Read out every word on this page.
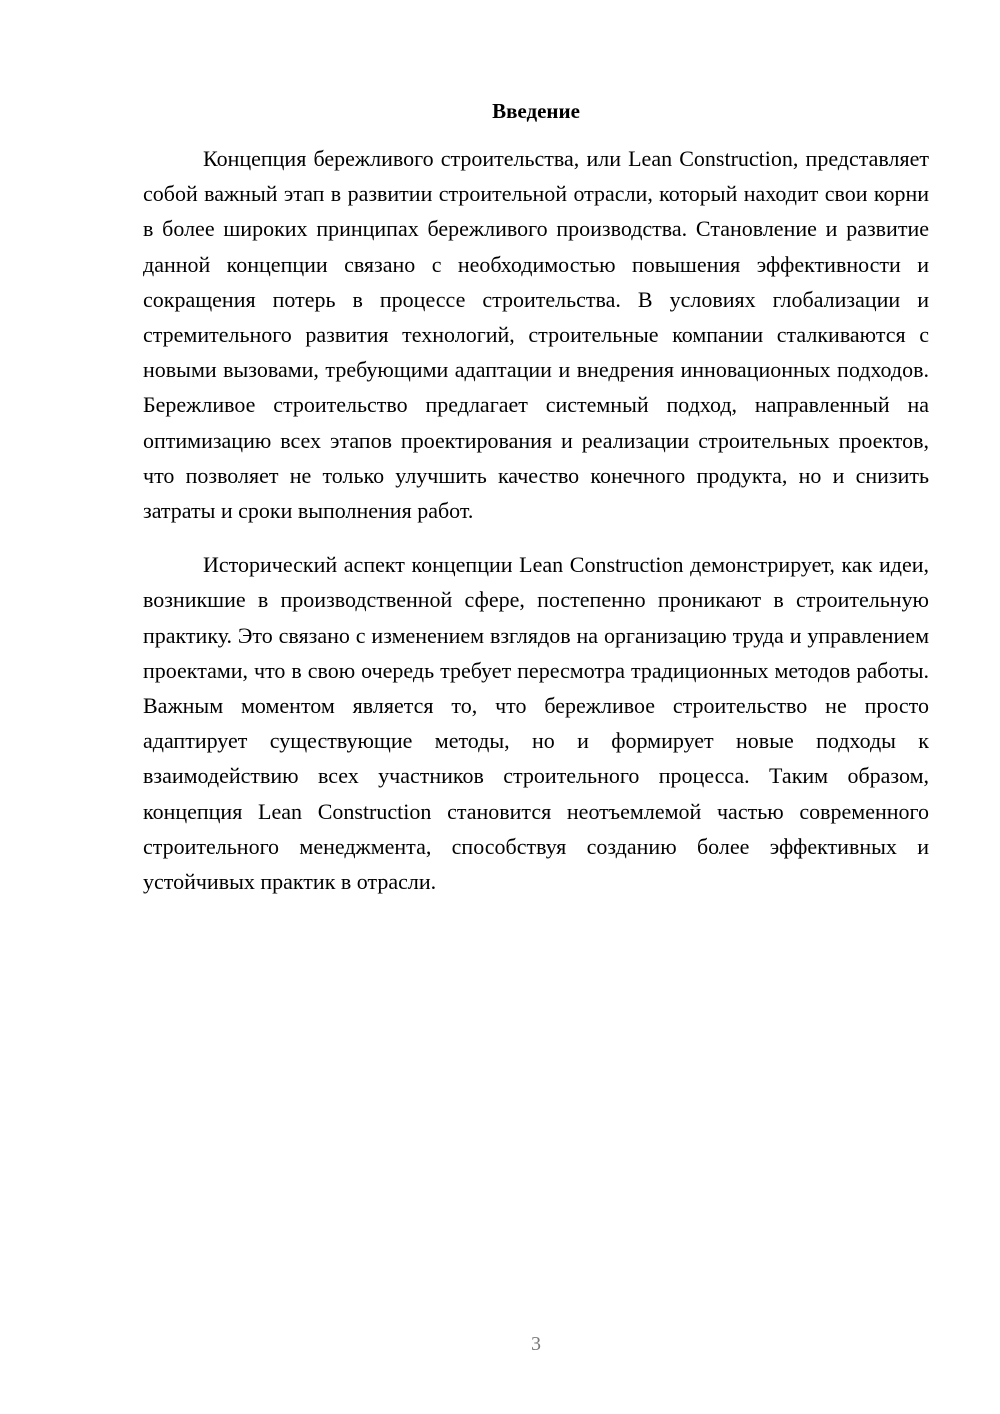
Введение

Концепция бережливого строительства, или Lean Construction, представляет собой важный этап в развитии строительной отрасли, который находит свои корни в более широких принципах бережливого производства. Становление и развитие данной концепции связано с необходимостью повышения эффективности и сокращения потерь в процессе строительства. В условиях глобализации и стремительного развития технологий, строительные компании сталкиваются с новыми вызовами, требующими адаптации и внедрения инновационных подходов. Бережливое строительство предлагает системный подход, направленный на оптимизацию всех этапов проектирования и реализации строительных проектов, что позволяет не только улучшить качество конечного продукта, но и снизить затраты и сроки выполнения работ.

Исторический аспект концепции Lean Construction демонстрирует, как идеи, возникшие в производственной сфере, постепенно проникают в строительную практику. Это связано с изменением взглядов на организацию труда и управлением проектами, что в свою очередь требует пересмотра традиционных методов работы. Важным моментом является то, что бережливое строительство не просто адаптирует существующие методы, но и формирует новые подходы к взаимодействию всех участников строительного процесса. Таким образом, концепция Lean Construction становится неотъемлемой частью современного строительного менеджмента, способствуя созданию более эффективных и устойчивых практик в отрасли.

3
